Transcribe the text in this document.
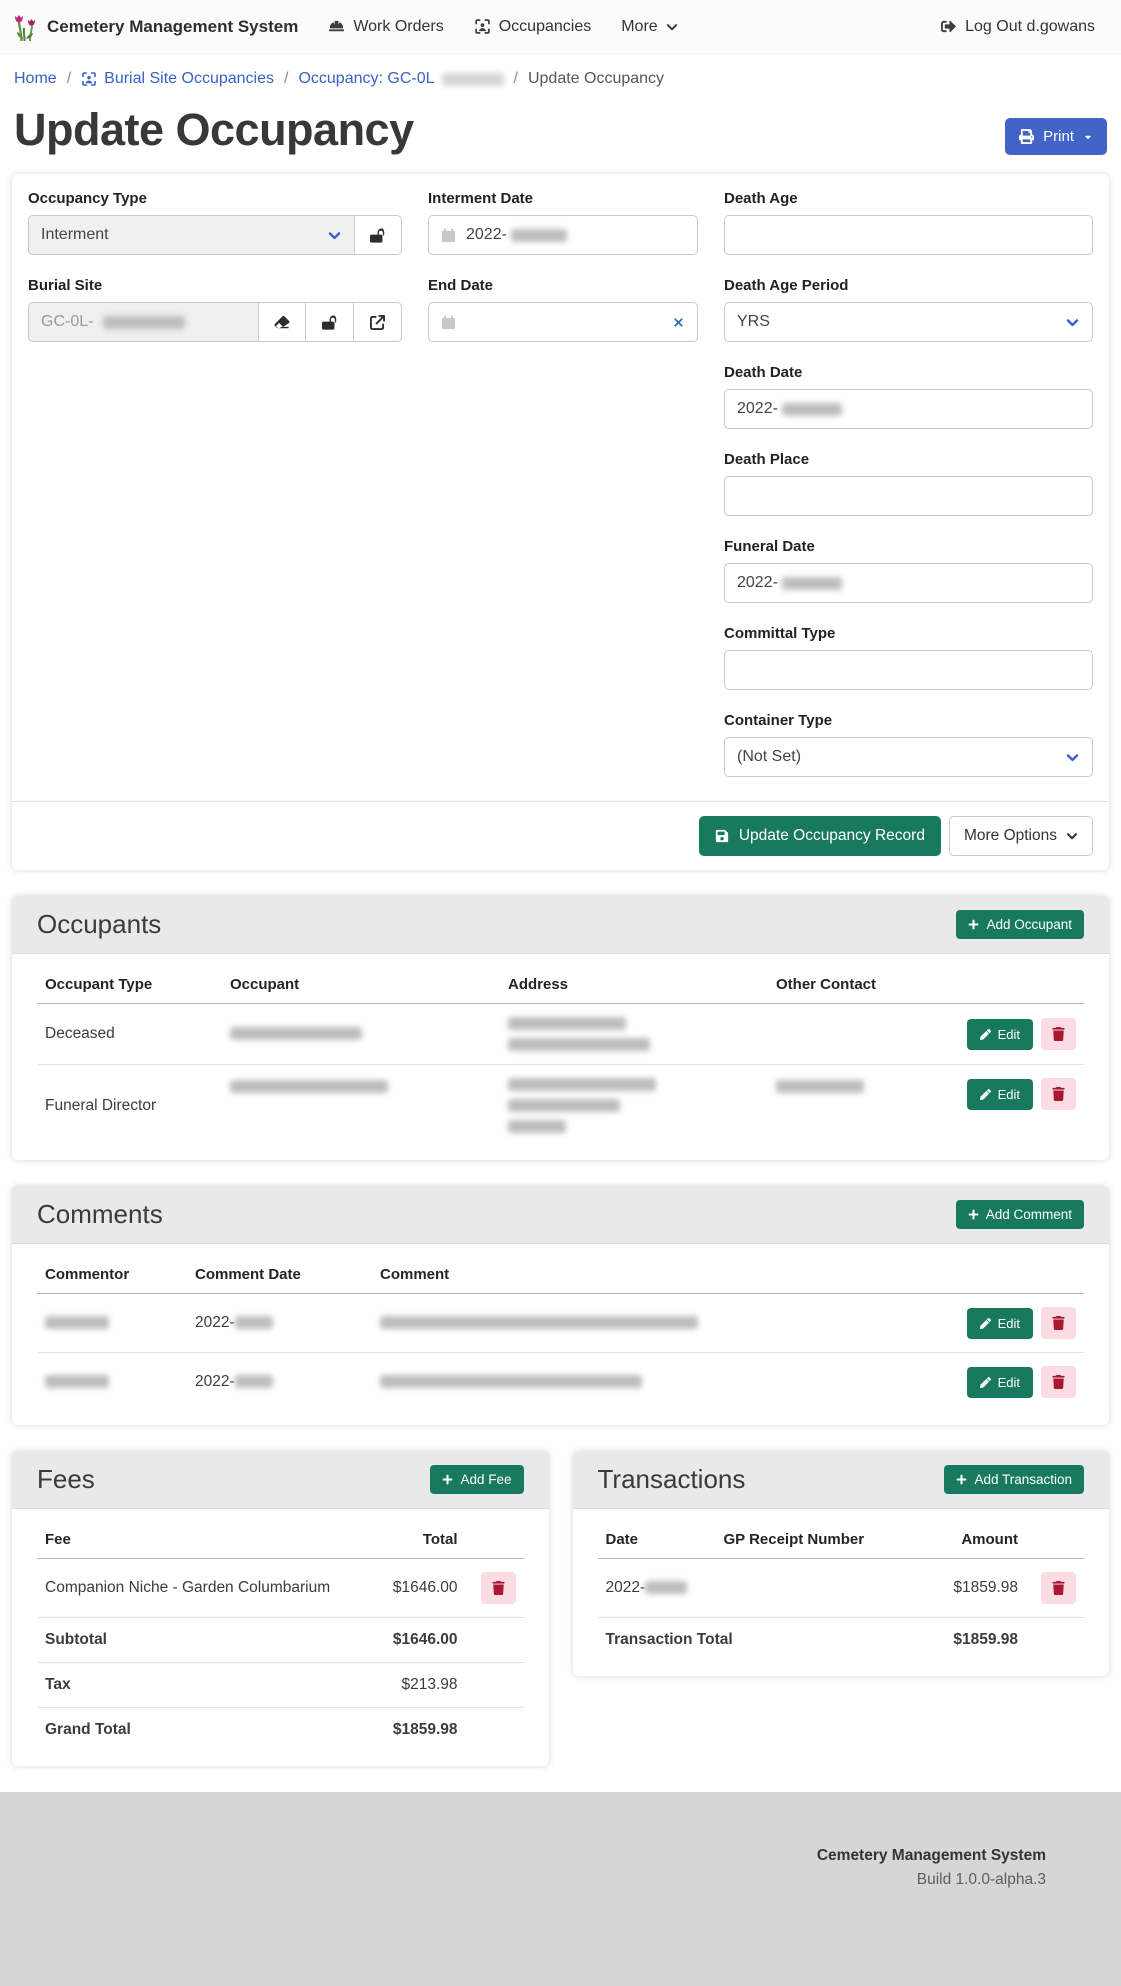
Cemetery Management System	Work Orders	Occupancies More	Log Out d.gowans
Home / Burial Site Occupancies / Occupancy: GC-0L	/ Update Occupancy
Update Occupancy	Print
Occupancy Type
Interment
Burial Site
GC-0L-
Interment Date
2022-
End Date
Death Age
Death Age Period
YRS
Death Date
2022-
Death Place
Funeral Date
2022-
Committal Type
Container Type
(Not Set)
Update Occupancy Record	More Options
Occupants	Add Occupant
Occupant Type	Occupant	Address	Other Contact	
Deceased				Edit

Funeral Director				Edit
Comments	Add Comment
Commentor	Comment Date	Comment	
	2022-		Edit

	2022-		Edit
Fees	Add Fee
Fee	Total	
Companion Niche - Garden Columbarium	$1646.00	

Subtotal	$1646.00	
Tax	$213.98	
Grand Total	$1859.98	
Transactions	Add Transaction
Date	GP Receipt Number	Amount	
2022-		$1859.98	

Transaction Total		$1859.98	
Cemetery Management System
Build 1.0.0-alpha.3
